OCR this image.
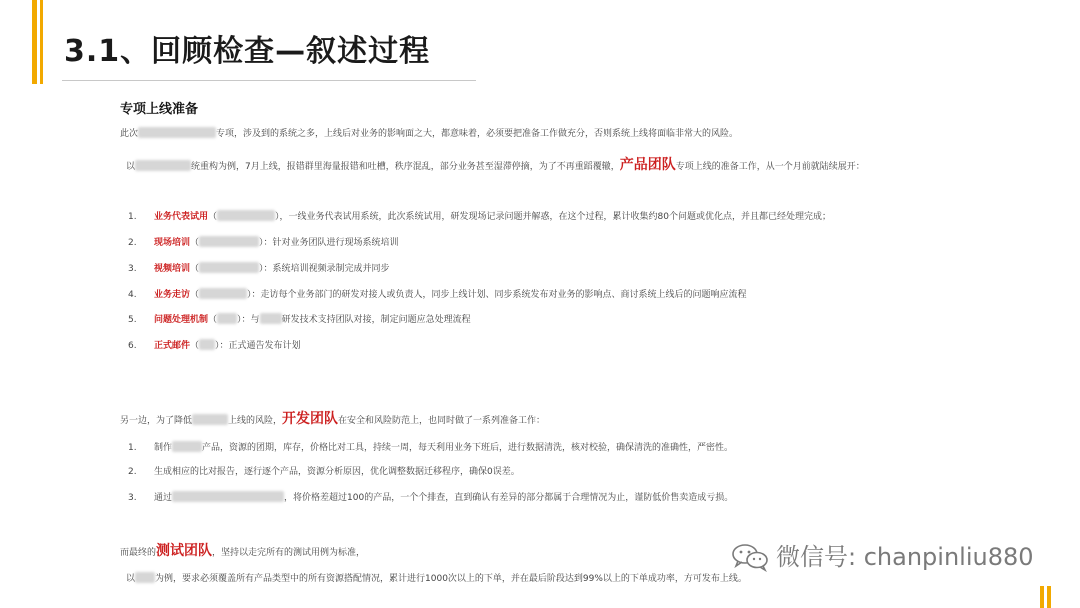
3.1、回顾检查—叙述过程
专项上线准备
此次	专项，涉及到的系统之多，上线后对业务的影响面之大，都意味着，必须要把准备工作做充分，否则系统上线将面临非常大的风险。
以	统重构为例，7月上线，报错群里海量报错和吐槽，秩序混乱，部分业务甚至湿滞停摘，为了不再重蹈覆辙，产品团队专项上线的准备工作，从一个月前就陆续展开：
1. 业务代表试用（	），一线业务代表试用系统，此次系统试用，研发现场记录问题并解惑，在这个过程，累计收集约80个问题或优化点，并且都已经处理完成；
2. 现场培训（	）：针对业务团队进行现场系统培训
3. 视频培训（	）：系统培训视频录制完成并同步
4. 业务走访（	）：走访每个业务部门的研发对接人或负责人，同步上线计划、同步系统发布对业务的影响点、商讨系统上线后的问题响应流程
5. 问题处理机制（ ）：与 研发技术支持团队对接，制定问题应急处理流程
6. 正式邮件（ ）：正式通告发布计划
另一边，为了降低	上线的风险，开发团队在安全和风险防范上，也同时做了一系列准备工作：
1. 制作	产品，资源的团期，库存，价格比对工具，持续一周，每天利用业务下班后，进行数据清洗，核对校验，确保清洗的准确性，严密性。
2. 生成相应的比对报告，逐行逐个产品，资源分析原因，优化调整数据迁移程序，确保0误差。
3. 通过	，将价格差超过100的产品，一个个排查，直到确认有差异的部分都属于合理情况为止，谨防低价售卖造成亏损。
而最终的测试团队，坚持以走完所有的测试用例为标准，
以 为例，要求必须覆盖所有产品类型中的所有资源搭配情况，累计进行1000次以上的下单，并在最后阶段达到99%以上的下单成功率，方可发布上线。
微信号: chanpinliu880
